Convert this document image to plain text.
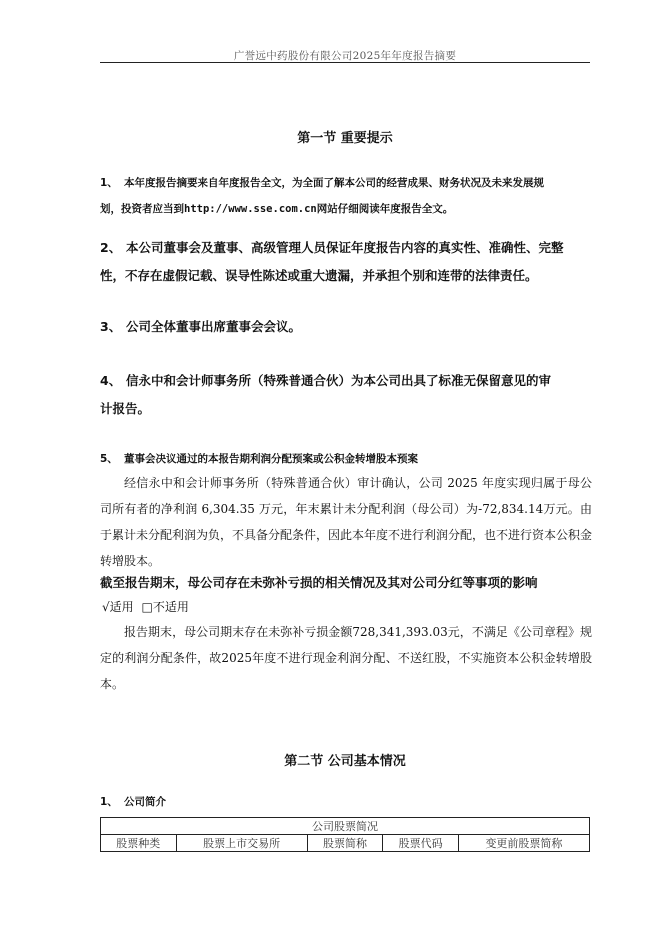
广誉远中药股份有限公司2025年年度报告摘要
第一节 重要提示
1、 本年度报告摘要来自年度报告全文，为全面了解本公司的经营成果、财务状况及未来发展规
划，投资者应当到http://www.sse.com.cn网站仔细阅读年度报告全文。
2、 本公司董事会及董事、高级管理人员保证年度报告内容的真实性、准确性、完整
性，不存在虚假记载、误导性陈述或重大遗漏，并承担个别和连带的法律责任。
3、 公司全体董事出席董事会会议。
4、 信永中和会计师事务所（特殊普通合伙）为本公司出具了标准无保留意见的审
计报告。
5、 董事会决议通过的本报告期利润分配预案或公积金转增股本预案
经信永中和会计师事务所（特殊普通合伙）审计确认，公司 2025 年度实现归属于母公司所有者的净利润 6,304.35 万元，年末累计未分配利润（母公司）为-72,834.14万元。由于累计未分配利润为负，不具备分配条件，因此本年度不进行利润分配，也不进行资本公积金转增股本。
截至报告期末，母公司存在未弥补亏损的相关情况及其对公司分红等事项的影响
√适用 □不适用
报告期末，母公司期末存在未弥补亏损金额728,341,393.03元，不满足《公司章程》规定的利润分配条件，故2025年度不进行现金利润分配、不送红股，不实施资本公积金转增股本。
第二节 公司基本情况
1、 公司简介
公司股票简况
股票种类	股票上市交易所	股票简称	股票代码	变更前股票简称
